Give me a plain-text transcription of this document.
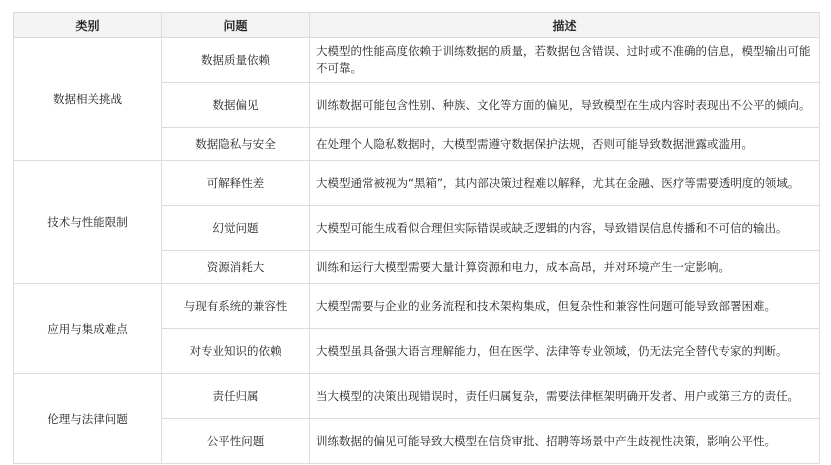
类别	问题	描述
数据相关挑战	数据质量依赖	大模型的性能高度依赖于训练数据的质量，若数据包含错误、过时或不准确的信息，模型输出可能不可靠。
	数据偏见	训练数据可能包含性别、种族、文化等方面的偏见，导致模型在生成内容时表现出不公平的倾向。
	数据隐私与安全	在处理个人隐私数据时，大模型需遵守数据保护法规，否则可能导致数据泄露或滥用。
技术与性能限制	可解释性差	大模型通常被视为“黑箱”，其内部决策过程难以解释，尤其在金融、医疗等需要透明度的领域。
	幻觉问题	大模型可能生成看似合理但实际错误或缺乏逻辑的内容，导致错误信息传播和不可信的输出。
	资源消耗大	训练和运行大模型需要大量计算资源和电力，成本高昂，并对环境产生一定影响。
应用与集成难点	与现有系统的兼容性	大模型需要与企业的业务流程和技术架构集成，但复杂性和兼容性问题可能导致部署困难。
	对专业知识的依赖	大模型虽具备强大语言理解能力，但在医学、法律等专业领域，仍无法完全替代专家的判断。
伦理与法律问题	责任归属	当大模型的决策出现错误时，责任归属复杂，需要法律框架明确开发者、用户或第三方的责任。
	公平性问题	训练数据的偏见可能导致大模型在信贷审批、招聘等场景中产生歧视性决策，影响公平性。
